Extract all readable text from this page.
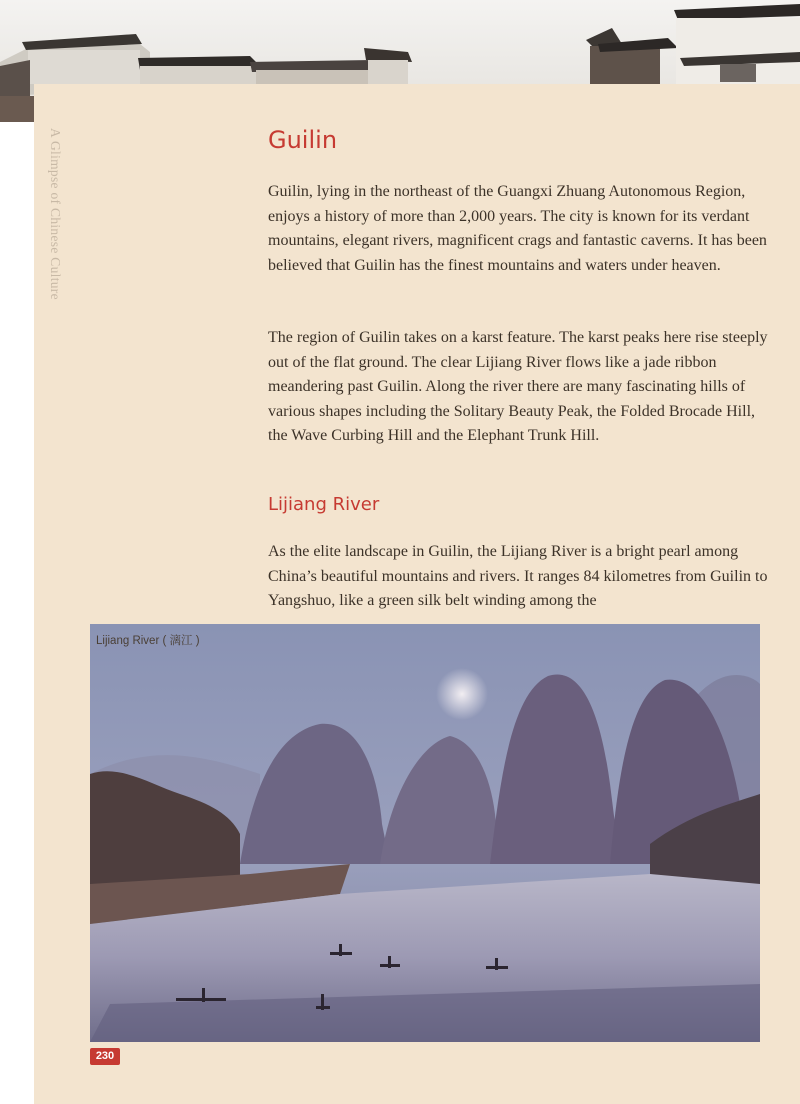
A Glimpse of Chinese Culture	Guilin

Guilin, lying in the northeast of the Guangxi Zhuang Autonomous Region, enjoys a history of more than 2,000 years. The city is known for its verdant mountains, elegant rivers, magnificent crags and fantastic caverns. It has been believed that Guilin has the finest mountains and waters under heaven.

The region of Guilin takes on a karst feature. The karst peaks here rise steeply out of the flat ground. The clear Lijiang River flows like a jade ribbon meandering past Guilin. Along the river there are many fascinating hills of various shapes including the Solitary Beauty Peak, the Folded Brocade Hill, the Wave Curbing Hill and the Elephant Trunk Hill.

Lijiang River

As the elite landscape in Guilin, the Lijiang River is a bright pearl among China’s beautiful mountains and rivers. It ranges 84 kilometres from Guilin to Yangshuo, like a green silk belt winding among the

Lijiang River ( 漓江 )

230
